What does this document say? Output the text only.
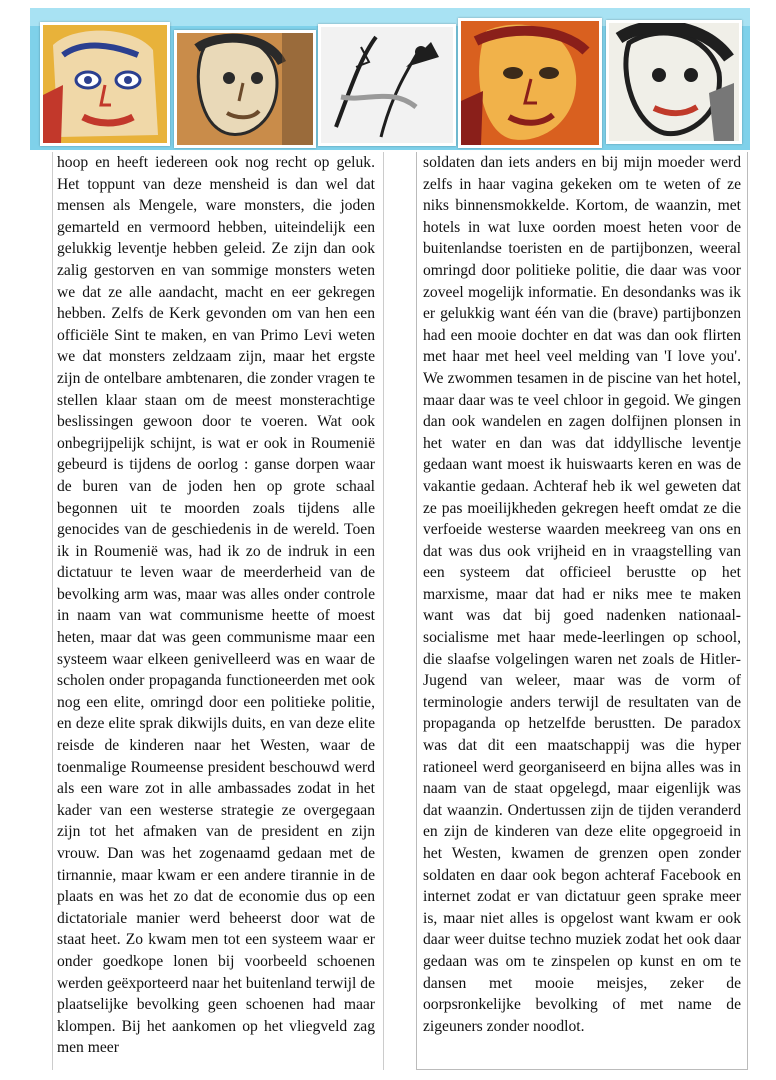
hoop en heeft iedereen ook nog recht op geluk. Het toppunt van deze mensheid is dan wel dat mensen als Mengele, ware monsters, die joden gemarteld en vermoord hebben, uiteindelijk een gelukkig leventje hebben geleid. Ze zijn dan ook zalig gestorven en van sommige monsters weten we dat ze alle aandacht, macht en eer gekregen hebben. Zelfs de Kerk gevonden om van hen een officiële Sint te maken, en van Primo Levi weten we dat monsters zeldzaam zijn, maar het ergste zijn de ontelbare ambtenaren, die zonder vragen te stellen klaar staan om de meest monsterachtige beslissingen gewoon door te voeren. Wat ook onbegrijpelijk schijnt, is wat er ook in Roumenië gebeurd is tijdens de oorlog : ganse dorpen waar de buren van de joden hen op grote schaal begonnen uit te moorden zoals tijdens alle genocides van de geschiedenis in de wereld. Toen ik in Roumenië was, had ik zo de indruk in een dictatuur te leven waar de meerderheid van de bevolking arm was, maar was alles onder controle in naam van wat communisme heette of moest heten, maar dat was geen communisme maar een systeem waar elkeen genivelleerd was en waar de scholen onder propaganda functioneerden met ook nog een elite, omringd door een politieke politie, en deze elite sprak dikwijls duits, en van deze elite reisde de kinderen naar het Westen, waar de toenmalige Roumeense president beschouwd werd als een ware zot in alle ambassades zodat in het kader van een westerse strategie ze overgegaan zijn tot het afmaken van de president en zijn vrouw. Dan was het zogenaamd gedaan met de tirnannie, maar kwam er een andere tirannie in de plaats en was het zo dat de economie dus op een dictatoriale manier werd beheerst door wat de staat heet. Zo kwam men tot een systeem waar er onder goedkope lonen bij voorbeeld schoenen werden geëxporteerd naar het buitenland terwijl de plaatselijke bevolking geen schoenen had maar klompen. Bij het aankomen op het vliegveld zag men meer

soldaten dan iets anders en bij mijn moeder werd zelfs in haar vagina gekeken om te weten of ze niks binnensmokkelde. Kortom, de waanzin, met hotels in wat luxe oorden moest heten voor de buitenlandse toeristen en de partijbonzen, weeral omringd door politieke politie, die daar was voor zoveel mogelijk informatie. En desondanks was ik er gelukkig want één van die (brave) partijbonzen had een mooie dochter en dat was dan ook flirten met haar met heel veel melding van 'I love you'. We zwommen tesamen in de piscine van het hotel, maar daar was te veel chloor in gegoid. We gingen dan ook wandelen en zagen dolfijnen plonsen in het water en dan was dat iddyllische leventje gedaan want moest ik huiswaarts keren en was de vakantie gedaan. Achteraf heb ik wel geweten dat ze pas moeilijkheden gekregen heeft omdat ze die verfoeide westerse waarden meekreeg van ons en dat was dus ook vrijheid en in vraagstelling van een systeem dat officieel berustte op het marxisme, maar dat had er niks mee te maken want was dat bij goed nadenken nationaal-socialisme met haar mede-leerlingen op school, die slaafse volgelingen waren net zoals de Hitler-Jugend van weleer, maar was de vorm of terminologie anders terwijl de resultaten van de propaganda op hetzelfde berustten. De paradox was dat dit een maatschappij was die hyper rationeel werd georganiseerd en bijna alles was in naam van de staat opgelegd, maar eigenlijk was dat waanzin. Ondertussen zijn de tijden veranderd en zijn de kinderen van deze elite opgegroeid in het Westen, kwamen de grenzen open zonder soldaten en daar ook begon achteraf Facebook en internet zodat er van dictatuur geen sprake meer is, maar niet alles is opgelost want kwam er ook daar weer duitse techno muziek zodat het ook daar gedaan was om te zinspelen op kunst en om te dansen met mooie meisjes, zeker de oorpsronkelijke bevolking of met name de zigeuners zonder noodlot.
